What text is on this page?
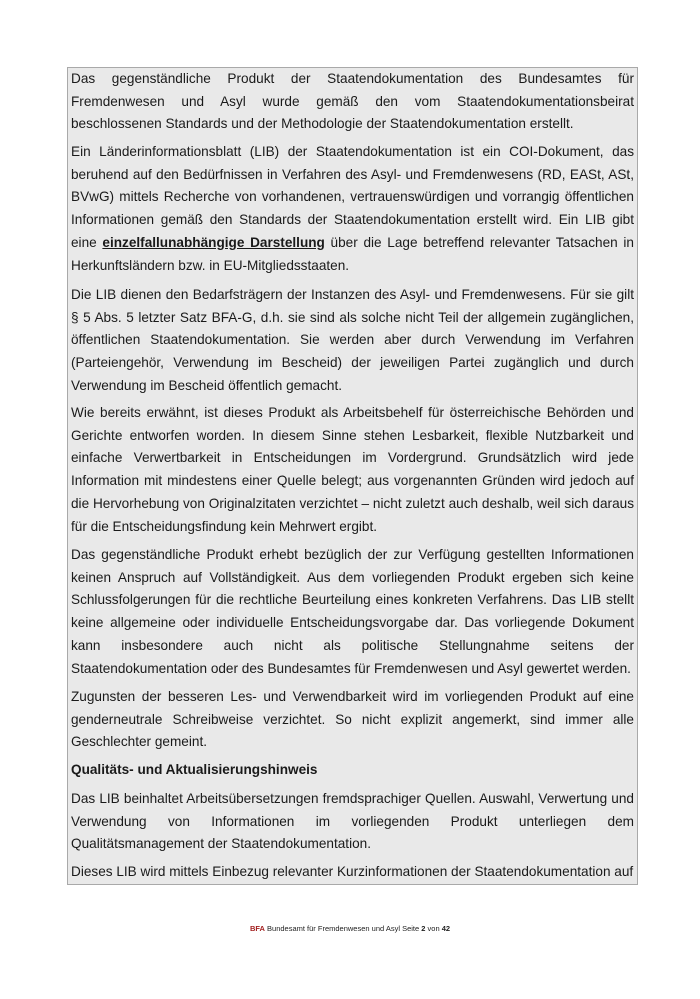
Das gegenständliche Produkt der Staatendokumentation des Bundesamtes für Fremdenwesen und Asyl wurde gemäß den vom Staatendokumentationsbeirat beschlossenen Standards und der Methodologie der Staatendokumentation erstellt.

Ein Länderinformationsblatt (LIB) der Staatendokumentation ist ein COI-Dokument, das beruhend auf den Bedürfnissen in Verfahren des Asyl- und Fremdenwesens (RD, EASt, ASt, BVwG) mittels Recherche von vorhandenen, vertrauenswürdigen und vorrangig öffentlichen Informationen gemäß den Standards der Staatendokumentation erstellt wird. Ein LIB gibt eine einzelfallunabhängige Darstellung über die Lage betreffend relevanter Tatsachen in Herkunftsländern bzw. in EU-Mitgliedsstaaten.

Die LIB dienen den Bedarfsträgern der Instanzen des Asyl- und Fremdenwesens. Für sie gilt § 5 Abs. 5 letzter Satz BFA-G, d.h. sie sind als solche nicht Teil der allgemein zugänglichen, öffentlichen Staatendokumentation. Sie werden aber durch Verwendung im Verfahren (Parteiengehör, Verwendung im Bescheid) der jeweiligen Partei zugänglich und durch Verwendung im Bescheid öffentlich gemacht.

Wie bereits erwähnt, ist dieses Produkt als Arbeitsbehelf für österreichische Behörden und Gerichte entworfen worden. In diesem Sinne stehen Lesbarkeit, flexible Nutzbarkeit und einfache Verwertbarkeit in Entscheidungen im Vordergrund. Grundsätzlich wird jede Information mit mindestens einer Quelle belegt; aus vorgenannten Gründen wird jedoch auf die Hervorhebung von Originalzitaten verzichtet – nicht zuletzt auch deshalb, weil sich daraus für die Entscheidungsfindung kein Mehrwert ergibt.

Das gegenständliche Produkt erhebt bezüglich der zur Verfügung gestellten Informationen keinen Anspruch auf Vollständigkeit. Aus dem vorliegenden Produkt ergeben sich keine Schlussfolgerungen für die rechtliche Beurteilung eines konkreten Verfahrens. Das LIB stellt keine allgemeine oder individuelle Entscheidungsvorgabe dar. Das vorliegende Dokument kann insbesondere auch nicht als politische Stellungnahme seitens der Staatendokumentation oder des Bundesamtes für Fremdenwesen und Asyl gewertet werden.

Zugunsten der besseren Les- und Verwendbarkeit wird im vorliegenden Produkt auf eine genderneutrale Schreibweise verzichtet. So nicht explizit angemerkt, sind immer alle Geschlechter gemeint.

Qualitäts- und Aktualisierungshinweis

Das LIB beinhaltet Arbeitsübersetzungen fremdsprachiger Quellen. Auswahl, Verwertung und Verwendung von Informationen im vorliegenden Produkt unterliegen dem Qualitätsmanagement der Staatendokumentation.

Dieses LIB wird mittels Einbezug relevanter Kurzinformationen der Staatendokumentation auf

BFA Bundesamt für Fremdenwesen und Asyl Seite 2 von 42
